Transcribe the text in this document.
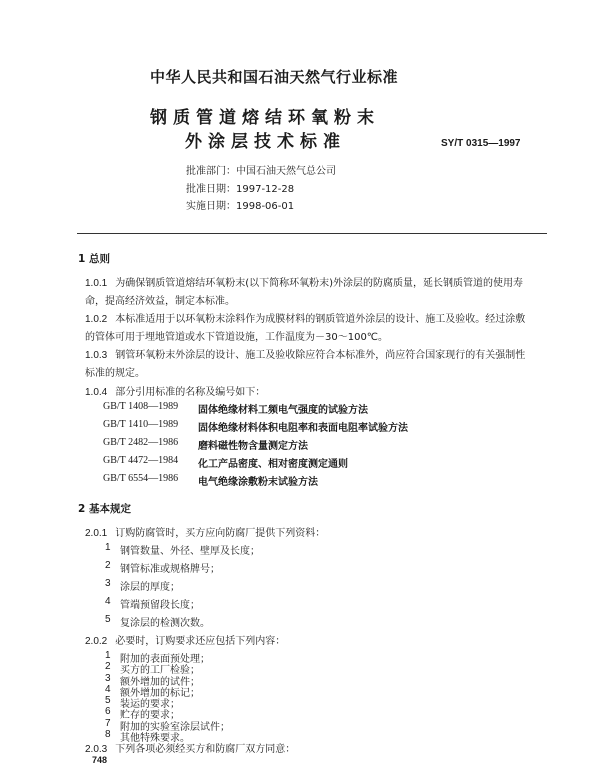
中华人民共和国石油天然气行业标准
钢质管道熔结环氧粉末
外涂层技术标准	SY/T 0315—1997
批准部门：中国石油天然气总公司
批准日期：1997-12-28
实施日期：1998-06-01
1 总则
1.0.1 为确保钢质管道熔结环氧粉末(以下简称环氧粉末)外涂层的防腐质量，延长钢质管道的使用寿
命，提高经济效益，制定本标准。
1.0.2 本标准适用于以环氧粉末涂料作为成膜材料的钢质管道外涂层的设计、施工及验收。经过涂敷
的管体可用于埋地管道或水下管道设施，工作温度为－30～100℃。
1.0.3 钢管环氧粉末外涂层的设计、施工及验收除应符合本标准外，尚应符合国家现行的有关强制性
标准的规定。
1.0.4 部分引用标准的名称及编号如下：
GB/T 1408—1989 固体绝缘材料工频电气强度的试验方法
GB/T 1410—1989 固体绝缘材料体积电阻率和表面电阻率试验方法
GB/T 2482—1986 磨料磁性物含量测定方法
GB/T 4472—1984 化工产品密度、相对密度测定通则
GB/T 6554—1986 电气绝缘涂敷粉末试验方法
2 基本规定
2.0.1 订购防腐管时，买方应向防腐厂提供下列资料：
1 钢管数量、外径、壁厚及长度；
2 钢管标准或规格牌号；
3 涂层的厚度；
4 管端预留段长度；
5 复涂层的检测次数。
2.0.2 必要时，订购要求还应包括下列内容：
1 附加的表面预处理；
2 买方的工厂检验；
3 额外增加的试件；
4 额外增加的标记；
5 装运的要求；
6 贮存的要求；
748
7 附加的实验室涂层试件；
8 其他特殊要求。
2.0.3 下列各项必须经买方和防腐厂双方同意：
